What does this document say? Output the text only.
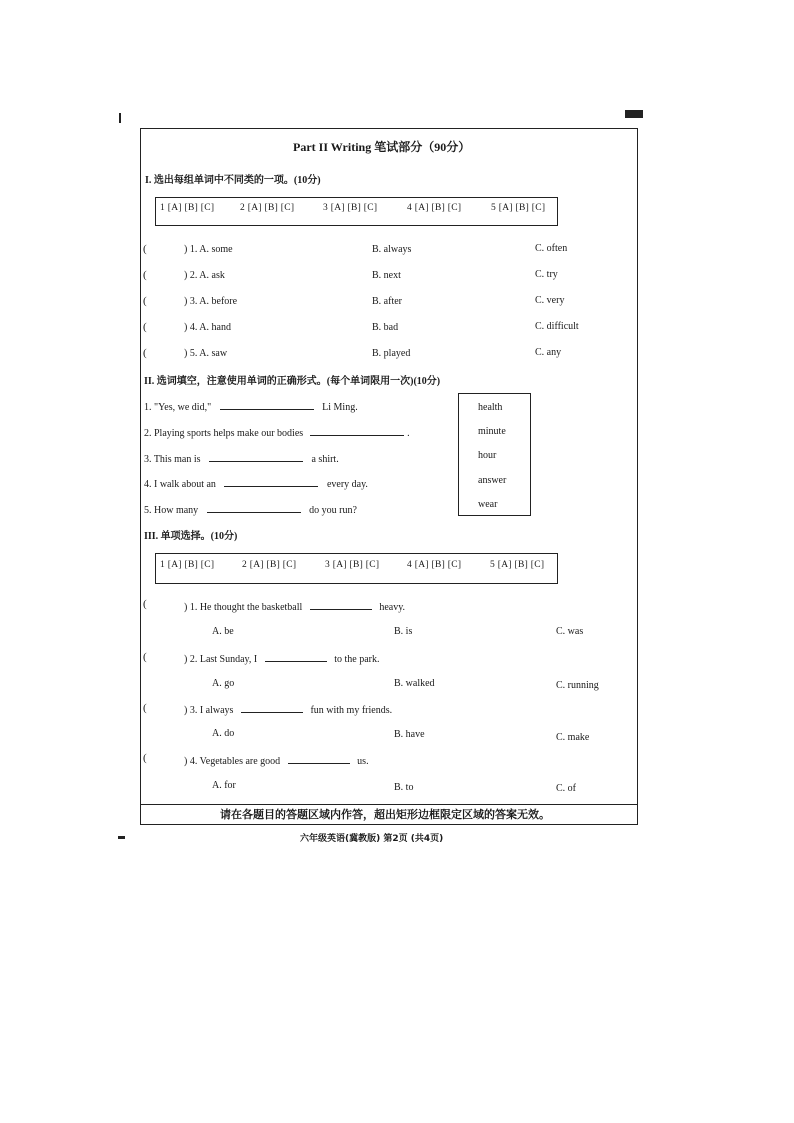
Part II Writing 笔试部分（90分）
I. 选出每组单词中不同类的一项。(10分)
1 [A] [B] [C]	2 [A] [B] [C]	3 [A] [B] [C]	4 [A] [B] [C]	5 [A] [B] [C]
(	) 1. A. some	B. always	C. often
(	) 2. A. ask	B. next	C. try
(	) 3. A. before	B. after	C. very
(	) 4. A. hand	B. bad	C. difficult
(	) 5. A. saw	B. played	C. any
II. 选词填空，注意使用单词的正确形式。(每个单词限用一次)(10分)
1. "Yes, we did,"	Li Ming.
2. Playing sports helps make our bodies	.
3. This man is	a shirt.
4. I walk about an	every day.
5. How many	do you run?
health
minute
hour
answer
wear
III. 单项选择。(10分)
1 [A] [B] [C]	2 [A] [B] [C]	3 [A] [B] [C]	4 [A] [B] [C]	5 [A] [B] [C]
(	) 1. He thought the basketball	heavy.
A. be	B. is	C. was
(	) 2. Last Sunday, I	to the park.
A. go	B. walked	C. running
(	) 3. I always	fun with my friends.
A. do	B. have	C. make
(	) 4. Vegetables are good	us.
A. for	B. to	C. of
请在各题目的答题区域内作答，超出矩形边框限定区域的答案无效。
六年级英语(冀教版) 第2页 (共4页)
